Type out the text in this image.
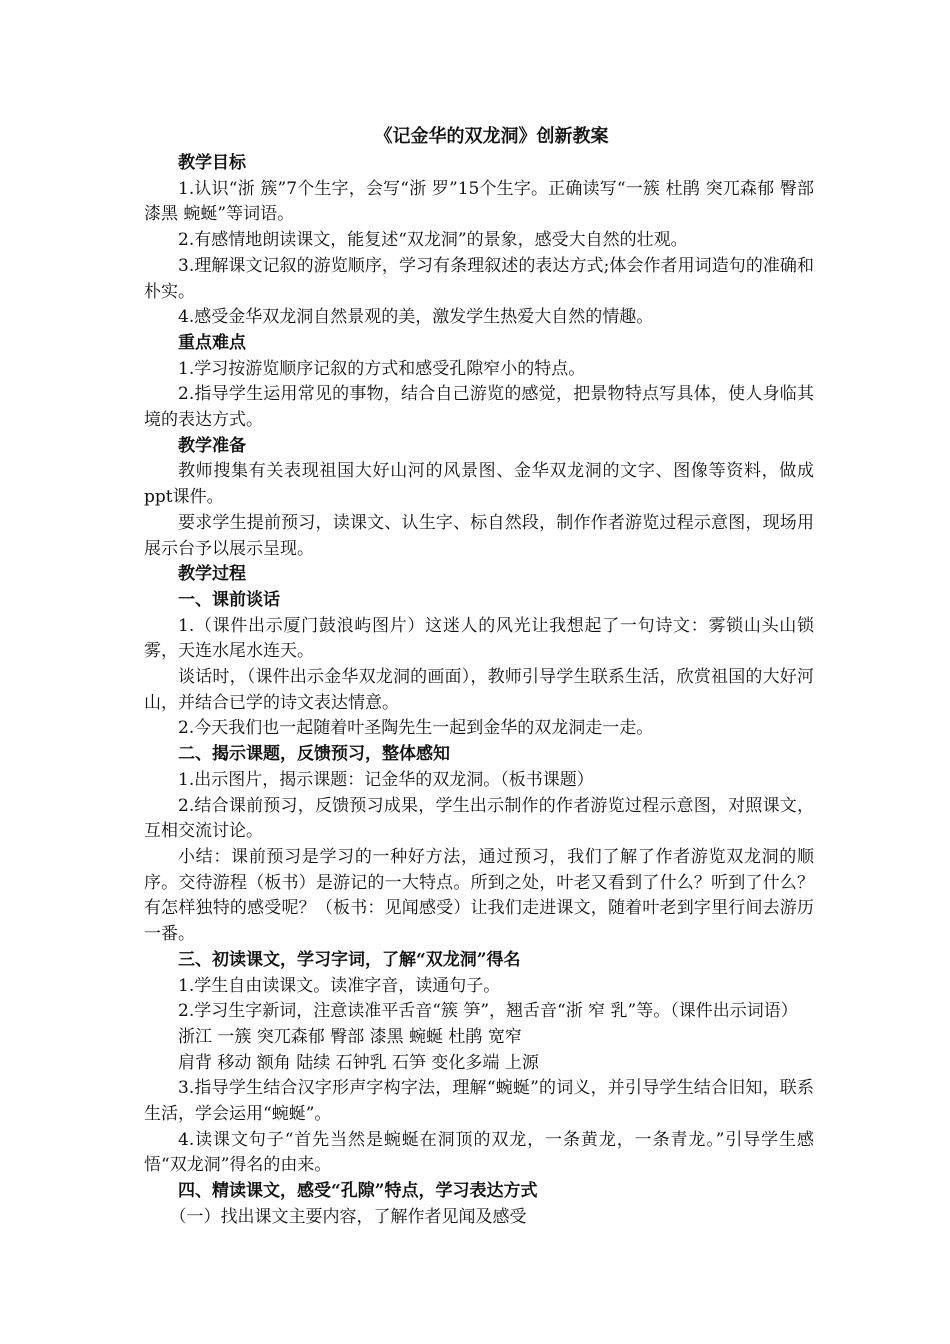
《记金华的双龙洞》创新教案

教学目标

1.认识“浙 簇”7个生字，会写“浙 罗”15个生字。正确读写“一簇 杜鹃 突兀森郁 臀部 漆黑 蜿蜒”等词语。

2.有感情地朗读课文，能复述“双龙洞”的景象，感受大自然的壮观。

3.理解课文记叙的游览顺序，学习有条理叙述的表达方式;体会作者用词造句的准确和朴实。

4.感受金华双龙洞自然景观的美，激发学生热爱大自然的情趣。

重点难点

1.学习按游览顺序记叙的方式和感受孔隙窄小的特点。

2.指导学生运用常见的事物，结合自己游览的感觉，把景物特点写具体，使人身临其境的表达方式。

教学准备

教师搜集有关表现祖国大好山河的风景图、金华双龙洞的文字、图像等资料，做成ppt课件。

要求学生提前预习，读课文、认生字、标自然段，制作作者游览过程示意图，现场用展示台予以展示呈现。

教学过程

一、课前谈话

1.（课件出示厦门鼓浪屿图片）这迷人的风光让我想起了一句诗文：雾锁山头山锁雾，天连水尾水连天。

谈话时，（课件出示金华双龙洞的画面），教师引导学生联系生活，欣赏祖国的大好河山，并结合已学的诗文表达情意。

2.今天我们也一起随着叶圣陶先生一起到金华的双龙洞走一走。

二、揭示课题，反馈预习，整体感知

1.出示图片，揭示课题：记金华的双龙洞。（板书课题）

2.结合课前预习，反馈预习成果，学生出示制作的作者游览过程示意图，对照课文，互相交流讨论。

小结：课前预习是学习的一种好方法，通过预习，我们了解了作者游览双龙洞的顺序。交待游程（板书）是游记的一大特点。所到之处，叶老又看到了什么？听到了什么？有怎样独特的感受呢？（板书：见闻感受）让我们走进课文，随着叶老到字里行间去游历一番。

三、初读课文，学习字词，了解“双龙洞”得名

1.学生自由读课文。读准字音，读通句子。

2.学习生字新词，注意读准平舌音“簇 笋”，翘舌音“浙 窄 乳”等。（课件出示词语）

浙江 一簇 突兀森郁 臀部 漆黑 蜿蜒 杜鹃 宽窄

肩背 移动 额角 陆续 石钟乳 石笋 变化多端 上源

3.指导学生结合汉字形声字构字法，理解“蜿蜒”的词义，并引导学生结合旧知，联系生活，学会运用“蜿蜒”。

4.读课文句子“首先当然是蜿蜒在洞顶的双龙，一条黄龙，一条青龙。”引导学生感悟“双龙洞”得名的由来。

四、精读课文，感受“孔隙”特点，学习表达方式

（一）找出课文主要内容，了解作者见闻及感受
